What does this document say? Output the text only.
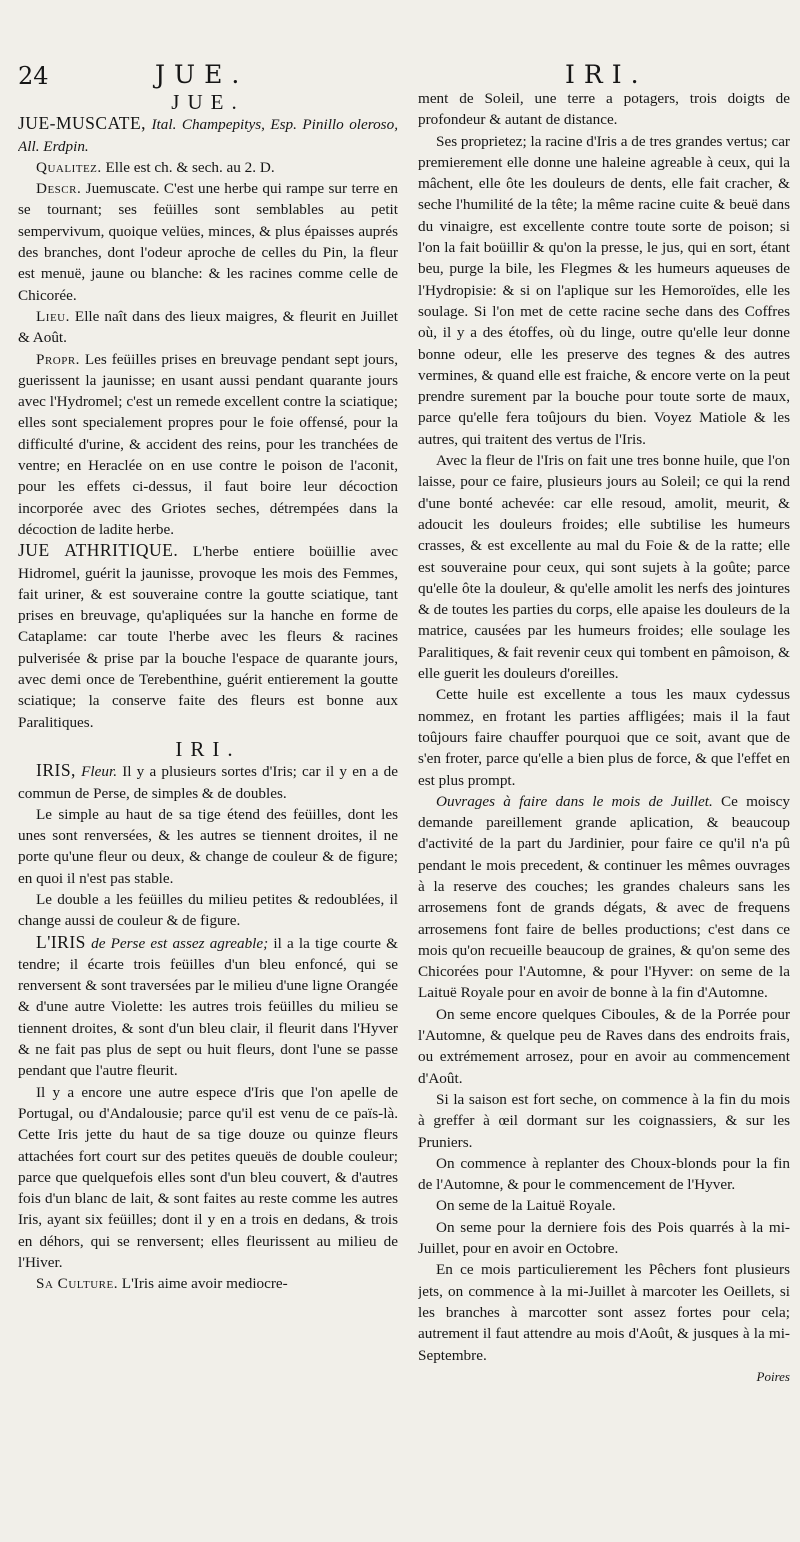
24	JUE.	IRI.

JUE.

JUE-MUSCATE, Ital. Champepitys, Esp. Pinillo oleroso, All. Erdpin.

Qualitez. Elle est ch. & sech. au 2. D.

Descr. Juemuscate. C'est une herbe qui rampe sur terre en se tournant; ses feüilles sont semblables au petit sempervivum, quoique velües, minces, & plus épaisses auprés des branches, dont l'odeur aproche de celles du Pin, la fleur est menuë, jaune ou blanche: & les racines comme celle de Chicorée.

Lieu. Elle naît dans des lieux maigres, & fleurit en Juillet & Août.

Propr. Les feüilles prises en breuvage pendant sept jours, guerissent la jaunisse; en usant aussi pendant quarante jours avec l'Hydromel; c'est un remede excellent contre la sciatique; elles sont specialement propres pour le foie offensé, pour la difficulté d'urine, & accident des reins, pour les tranchées de ventre; en Heraclée on en use contre le poison de l'aconit, pour les effets ci-dessus, il faut boire leur décoction incorporée avec des Griotes seches, détrempées dans la décoction de ladite herbe.

JUE ATHRITIQUE. L'herbe entiere boüillie avec Hidromel, guérit la jaunisse, provoque les mois des Femmes, fait uriner, & est souveraine contre la goutte sciatique, tant prises en breuvage, qu'apliquées sur la hanche en forme de Cataplame: car toute l'herbe avec les fleurs & racines pulverisée & prise par la bouche l'espace de quarante jours, avec demi once de Terebenthine, guérit entierement la goutte sciatique; la conserve faite des fleurs est bonne aux Paralitiques.

IRI.

IRIS, Fleur. Il y a plusieurs sortes d'Iris; car il y en a de commun de Perse, de simples & de doubles.

Le simple au haut de sa tige étend des feüilles, dont les unes sont renversées, & les autres se tiennent droites, il ne porte qu'une fleur ou deux, & change de couleur & de figure; en quoi il n'est pas stable.

Le double a les feüilles du milieu petites & redoublées, il change aussi de couleur & de figure.

L'IRIS de Perse est assez agreable; il a la tige courte & tendre; il écarte trois feüilles d'un bleu enfoncé, qui se renversent & sont traversées par le milieu d'une ligne Orangée & d'une autre Violette: les autres trois feüilles du milieu se tiennent droites, & sont d'un bleu clair, il fleurit dans l'Hyver & ne fait pas plus de sept ou huit fleurs, dont l'une se passe pendant que l'autre fleurit.

Il y a encore une autre espece d'Iris que l'on apelle de Portugal, ou d'Andalousie; parce qu'il est venu de ce païs-là. Cette Iris jette du haut de sa tige douze ou quinze fleurs attachées fort court sur des petites queuës de double couleur; parce que quelquefois elles sont d'un bleu couvert, & d'autres fois d'un blanc de lait, & sont faites au reste comme les autres Iris, ayant six feüilles; dont il y en a trois en dedans, & trois en déhors, qui se renversent; elles fleurissent au milieu de l'Hiver.

Sa Culture. L'Iris aime avoir mediocre-

ment de Soleil, une terre a potagers, trois doigts de profondeur & autant de distance.

Ses proprietez; la racine d'Iris a de tres grandes vertus; car premierement elle donne une haleine agreable à ceux, qui la mâchent, elle ôte les douleurs de dents, elle fait cracher, & seche l'humilité de la tête; la même racine cuite & beuë dans du vinaigre, est excellente contre toute sorte de poison; si l'on la fait boüillir & qu'on la presse, le jus, qui en sort, étant beu, purge la bile, les Flegmes & les humeurs aqueuses de l'Hydropisie: & si on l'aplique sur les Hemoroïdes, elle les soulage. Si l'on met de cette racine seche dans des Coffres où, il y a des étoffes, où du linge, outre qu'elle leur donne bonne odeur, elle les preserve des tegnes & des autres vermines, & quand elle est fraiche, & encore verte on la peut prendre surement par la bouche pour toute sorte de maux, parce qu'elle fera toûjours du bien. Voyez Matiole & les autres, qui traitent des vertus de l'Iris.

Avec la fleur de l'Iris on fait une tres bonne huile, que l'on laisse, pour ce faire, plusieurs jours au Soleil; ce qui la rend d'une bonté achevée: car elle resoud, amolit, meurit, & adoucit les douleurs froides; elle subtilise les humeurs crasses, & est excellente au mal du Foie & de la ratte; elle est souveraine pour ceux, qui sont sujets à la goûte; parce qu'elle ôte la douleur, & qu'elle amolit les nerfs des jointures & de toutes les parties du corps, elle apaise les douleurs de la matrice, causées par les humeurs froides; elle soulage les Paralitiques, & fait revenir ceux qui tombent en pâmoison, & elle guerit les douleurs d'oreilles.

Cette huile est excellente a tous les maux cydessus nommez, en frotant les parties affligées; mais il la faut toûjours faire chauffer pourquoi que ce soit, avant que de s'en froter, parce qu'elle a bien plus de force, & que l'effet en est plus prompt.

Ouvrages à faire dans le mois de Juillet. Ce moiscy demande pareillement grande aplication, & beaucoup d'activité de la part du Jardinier, pour faire ce qu'il n'a pû pendant le mois precedent, & continuer les mêmes ouvrages à la reserve des couches; les grandes chaleurs sans les arrosemens font de grands dégats, & avec de frequens arrosemens font faire de belles productions; c'est dans ce mois qu'on recueille beaucoup de graines, & qu'on seme des Chicorées pour l'Automne, & pour l'Hyver: on seme de la Laituë Royale pour en avoir de bonne à la fin d'Automne.

On seme encore quelques Ciboules, & de la Porrée pour l'Automne, & quelque peu de Raves dans des endroits frais, ou extrémement arrosez, pour en avoir au commencement d'Août.

Si la saison est fort seche, on commence à la fin du mois à greffer à œil dormant sur les coignassiers, & sur les Pruniers.

On commence à replanter des Choux-blonds pour la fin de l'Automne, & pour le commencement de l'Hyver.

On seme de la Laituë Royale.

On seme pour la derniere fois des Pois quarrés à la mi-Juillet, pour en avoir en Octobre.

En ce mois particulierement les Pêchers font plusieurs jets, on commence à la mi-Juillet à marcoter les Oeillets, si les branches à marcotter sont assez fortes pour cela; autrement il faut attendre au mois d'Août, & jusques à la mi-Septembre.

Poires
